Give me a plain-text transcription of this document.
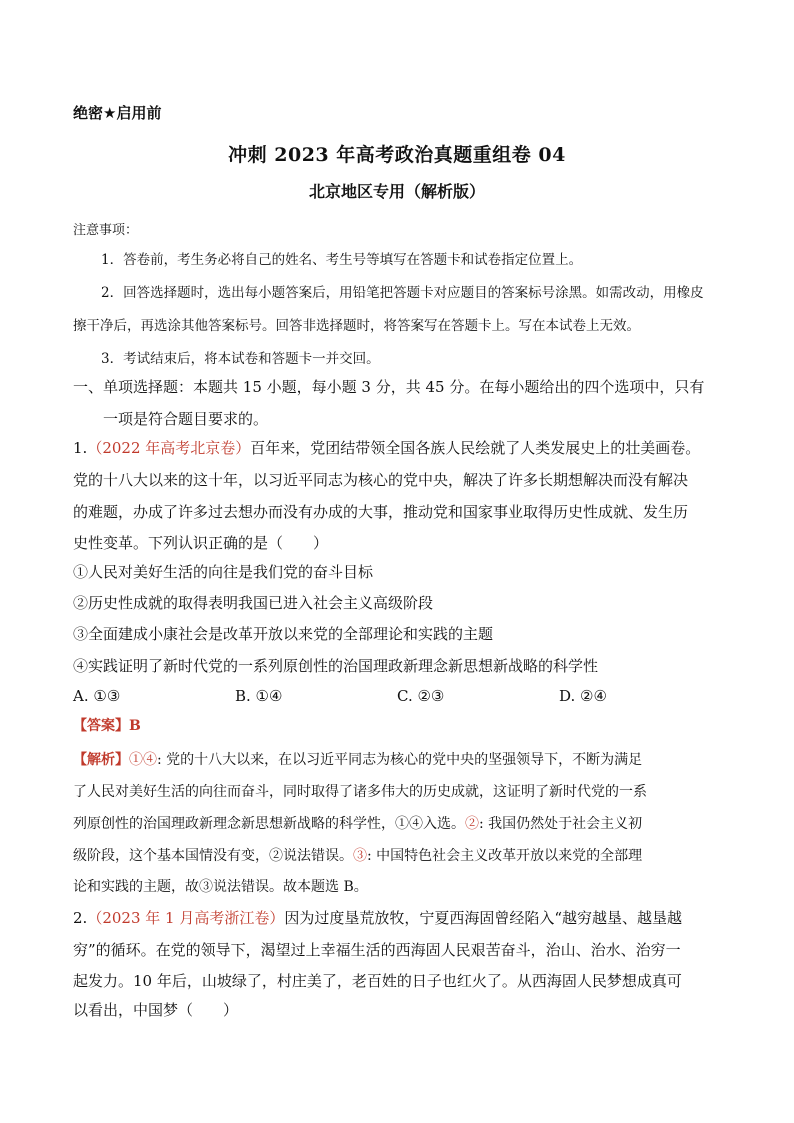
绝密★启用前
冲刺 2023 年高考政治真题重组卷 04
北京地区专用（解析版）
注意事项：
1．答卷前，考生务必将自己的姓名、考生号等填写在答题卡和试卷指定位置上。
2．回答选择题时，选出每小题答案后，用铅笔把答题卡对应题目的答案标号涂黑。如需改动，用橡皮
擦干净后，再选涂其他答案标号。回答非选择题时，将答案写在答题卡上。写在本试卷上无效。
3．考试结束后，将本试卷和答题卡一并交回。
一、单项选择题：本题共 15 小题，每小题 3 分，共 45 分。在每小题给出的四个选项中，只有
一项是符合题目要求的。
1.（2022 年高考北京卷）百年来，党团结带领全国各族人民绘就了人类发展史上的壮美画卷。
党的十八大以来的这十年，以习近平同志为核心的党中央，解决了许多长期想解决而没有解决
的难题，办成了许多过去想办而没有办成的大事，推动党和国家事业取得历史性成就、发生历
史性变革。下列认识正确的是（　　）
①人民对美好生活的向往是我们党的奋斗目标
②历史性成就的取得表明我国已进入社会主义高级阶段
③全面建成小康社会是改革开放以来党的全部理论和实践的主题
④实践证明了新时代党的一系列原创性的治国理政新理念新思想新战略的科学性
A. ①③	B. ①④	C. ②③	D. ②④
【答案】B
【解析】①④: 党的十八大以来，在以习近平同志为核心的党中央的坚强领导下，不断为满足
了人民对美好生活的向往而奋斗，同时取得了诸多伟大的历史成就，这证明了新时代党的一系
列原创性的治国理政新理念新思想新战略的科学性，①④入选。②: 我国仍然处于社会主义初
级阶段，这个基本国情没有变，②说法错误。③: 中国特色社会主义改革开放以来党的全部理
论和实践的主题，故③说法错误。故本题选 B。
2.（2023 年 1 月高考浙江卷）因为过度垦荒放牧，宁夏西海固曾经陷入“越穷越垦、越垦越
穷”的循环。在党的领导下，渴望过上幸福生活的西海固人民艰苦奋斗，治山、治水、治穷一
起发力。10 年后，山坡绿了，村庄美了，老百姓的日子也红火了。从西海固人民梦想成真可
以看出，中国梦（　　）
